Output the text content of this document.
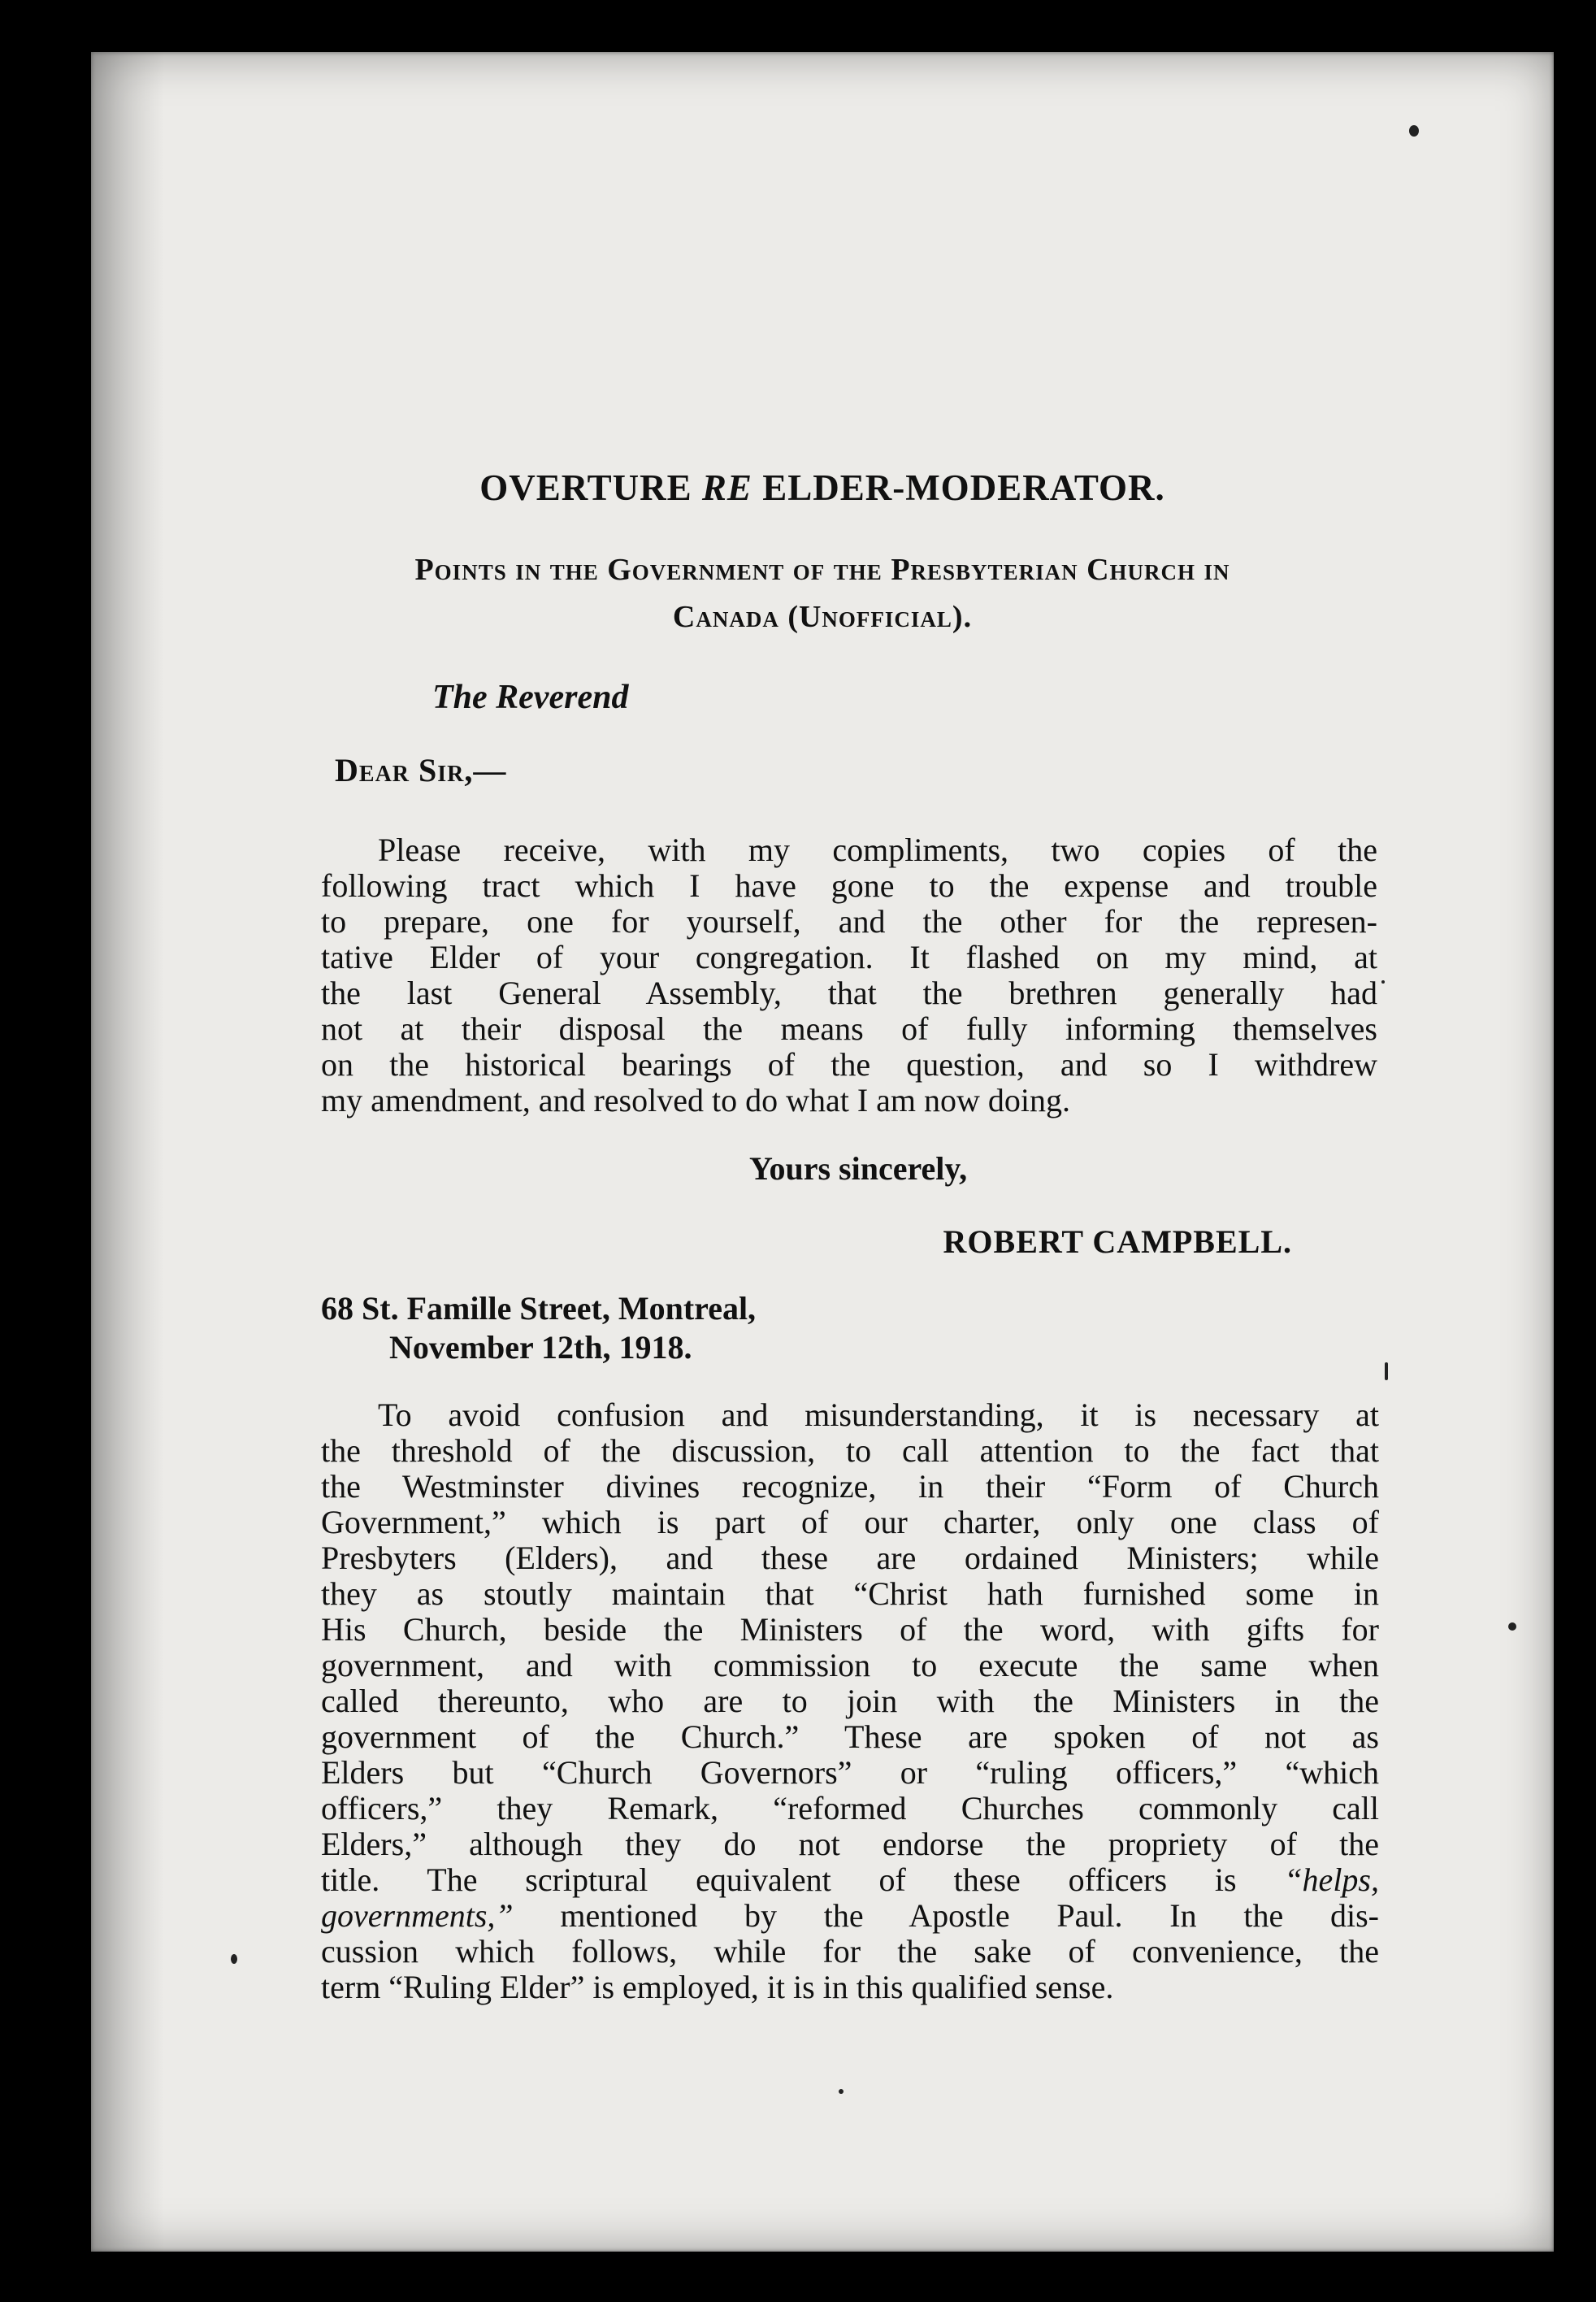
OVERTURE RE ELDER-MODERATOR.
Points in the Government of the Presbyterian Church in
Canada (Unofficial).
The Reverend
Dear Sir,—
Please receive, with my compliments, two copies of the
following tract which I have gone to the expense and trouble
to prepare, one for yourself, and the other for the represen-
tative Elder of your congregation. It flashed on my mind, at
the last General Assembly, that the brethren generally had
not at their disposal the means of fully informing themselves
on the historical bearings of the question, and so I withdrew
my amendment, and resolved to do what I am now doing.
Yours sincerely,
ROBERT CAMPBELL.
68 St. Famille Street, Montreal,
November 12th, 1918.
To avoid confusion and misunderstanding, it is necessary at
the threshold of the discussion, to call attention to the fact that
the Westminster divines recognize, in their “Form of Church
Government,” which is part of our charter, only one class of
Presbyters (Elders), and these are ordained Ministers; while
they as stoutly maintain that “Christ hath furnished some in
His Church, beside the Ministers of the word, with gifts for
government, and with commission to execute the same when
called thereunto, who are to join with the Ministers in the
government of the Church.” These are spoken of not as
Elders but “Church Governors” or “ruling officers,” “which
officers,” they Remark, “reformed Churches commonly call
Elders,” although they do not endorse the propriety of the
title. The scriptural equivalent of these officers is “helps,
governments,” mentioned by the Apostle Paul. In the dis-
cussion which follows, while for the sake of convenience, the
term “Ruling Elder” is employed, it is in this qualified sense.
